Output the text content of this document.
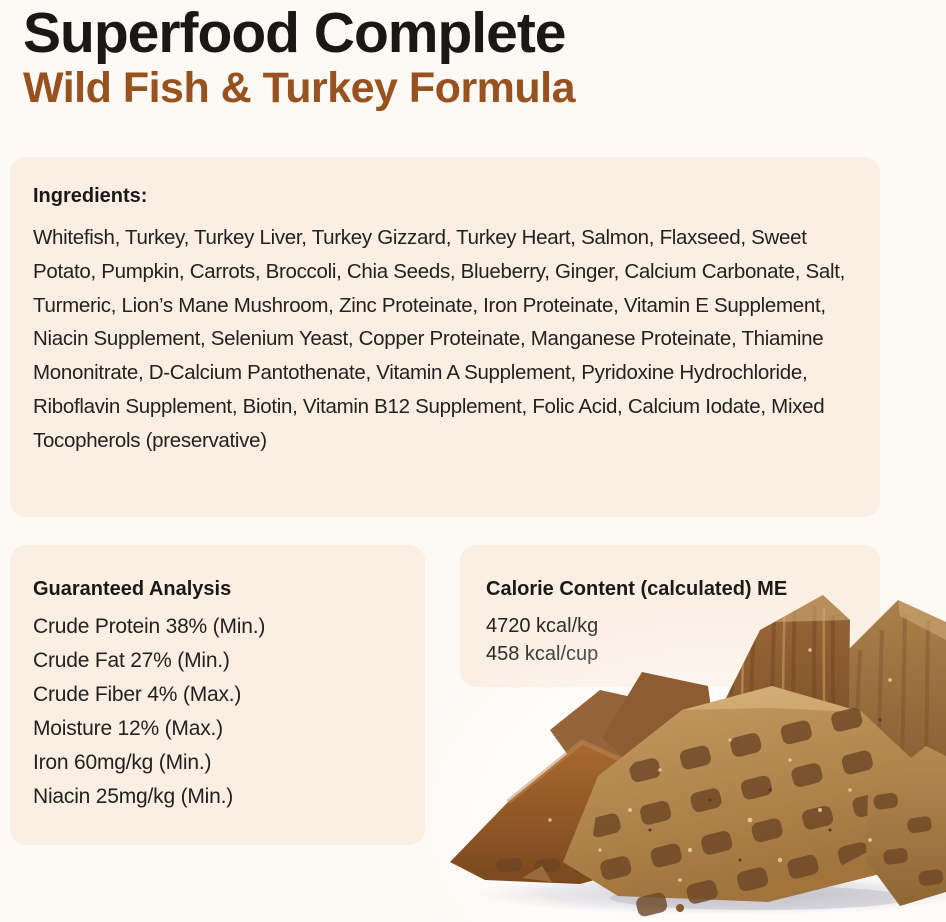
Superfood Complete
Wild Fish & Turkey Formula
Ingredients:

Whitefish, Turkey, Turkey Liver, Turkey Gizzard, Turkey Heart, Salmon, Flaxseed, Sweet Potato, Pumpkin, Carrots, Broccoli, Chia Seeds, Blueberry, Ginger, Calcium Carbonate, Salt, Turmeric, Lion’s Mane Mushroom, Zinc Proteinate, Iron Proteinate, Vitamin E Supplement, Niacin Supplement, Selenium Yeast, Copper Proteinate, Manganese Proteinate, Thiamine Mononitrate, D-Calcium Pantothenate, Vitamin A Supplement, Pyridoxine Hydrochloride, Riboflavin Supplement, Biotin, Vitamin B12 Supplement, Folic Acid, Calcium Iodate, Mixed Tocopherols (preservative)

Guaranteed Analysis
Crude Protein 38% (Min.)
Crude Fat 27% (Min.)
Crude Fiber 4% (Max.)
Moisture 12% (Max.)
Iron 60mg/kg (Min.)
Niacin 25mg/kg (Min.)
